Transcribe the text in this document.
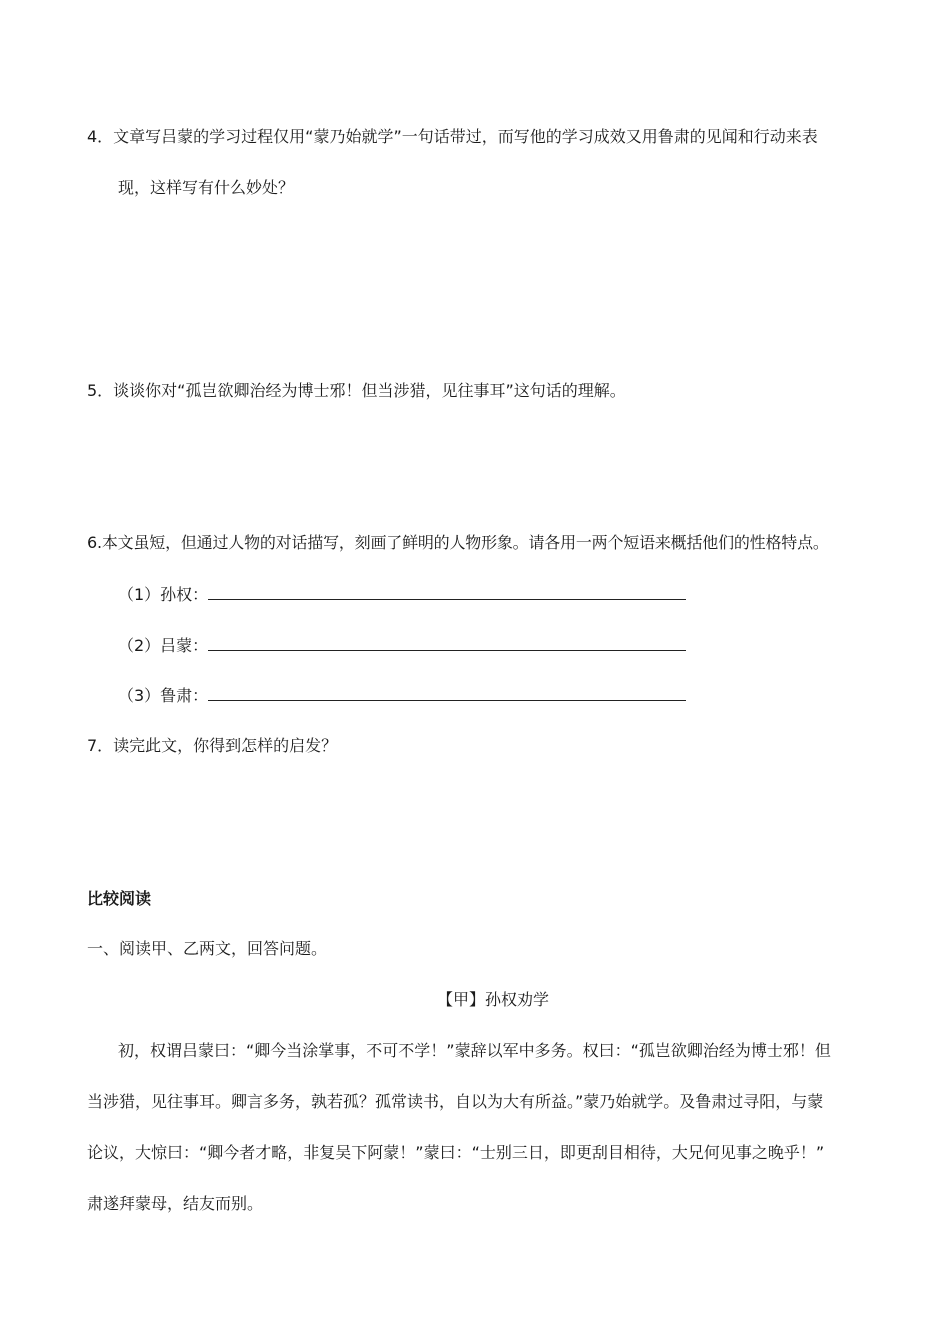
4．文章写吕蒙的学习过程仅用“蒙乃始就学”一句话带过，而写他的学习成效又用鲁肃的见闻和行动来表
现，这样写有什么妙处？
5．谈谈你对“孤岂欲卿治经为博士邪！但当涉猎，见往事耳”这句话的理解。
6.本文虽短，但通过人物的对话描写，刻画了鲜明的人物形象。请各用一两个短语来概括他们的性格特点。
（1）孙权：
（2）吕蒙：
（3）鲁肃：
7．读完此文，你得到怎样的启发？
比较阅读
一、阅读甲、乙两文，回答问题。
【甲】孙权劝学
初，权谓吕蒙曰：“卿今当涂掌事，不可不学！”蒙辞以军中多务。权曰：“孤岂欲卿治经为博士邪！但
当涉猎，见往事耳。卿言多务，孰若孤？孤常读书，自以为大有所益。”蒙乃始就学。及鲁肃过寻阳，与蒙
论议，大惊曰：“卿今者才略，非复吴下阿蒙！”蒙曰：“士别三日，即更刮目相待，大兄何见事之晚乎！”
肃遂拜蒙母，结友而别。
